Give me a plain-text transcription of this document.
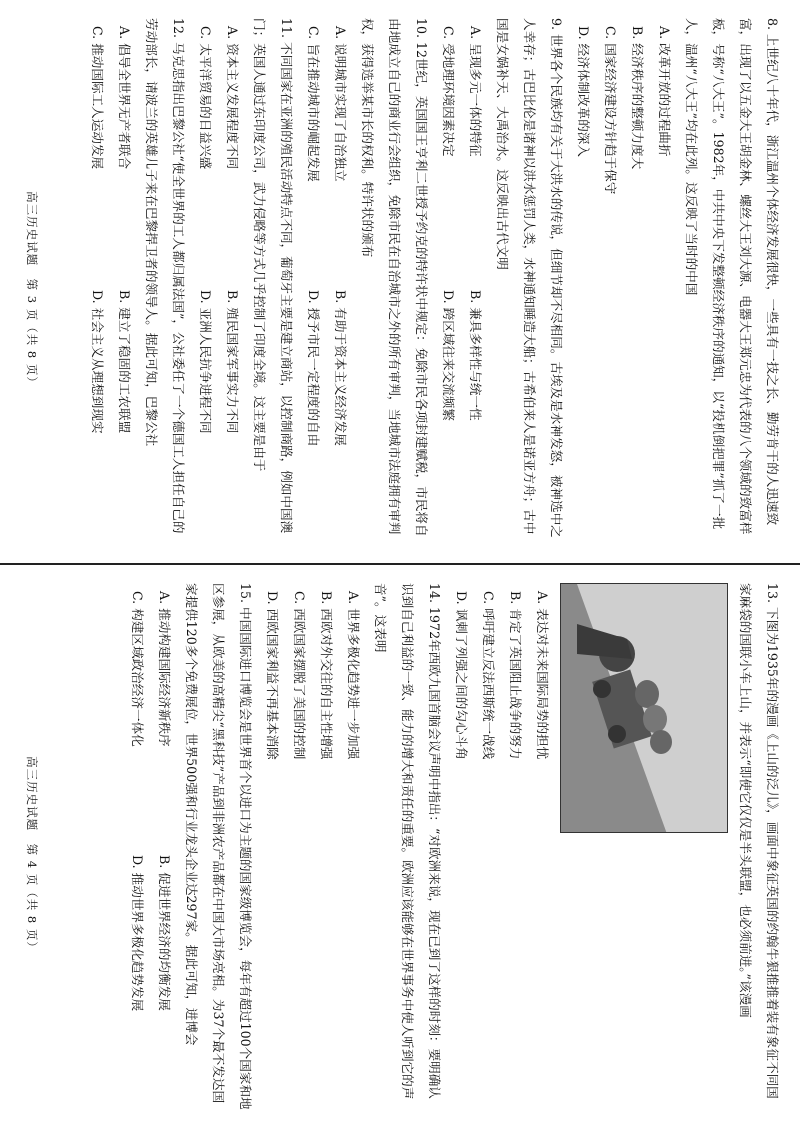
8. 上世纪八十年代，浙江温州个体经济发展很快，一些具有一技之长、勤劳肯干的人迅速致富，出现了以五金大王胡金林、螺丝大王刘大源、电器大王郑元忠为代表的八个领域的致富样板，号称“八大王”。1982年，中共中央下发整顿经济秩序的通知，以“投机倒把罪”抓了一批人，温州“八大王”均在此列。这反映了当时的中国

A. 改革开放的过程曲折

B. 经济秩序的整顿力度大

C. 国家经济建设方针趋于保守

D. 经济体制改革的深入

9. 世界各个民族均有关于大洪水的传说，但细节却不尽相同。古埃及是水神发怒，被神选中之人幸存；古巴比伦是诸神以洪水惩罚人类，水神通知睡造大船；古希伯来人是诺亚方舟；古中国是女娲补天、大禹治水。这反映出古代文明

A. 呈现多元一体的特征

B. 兼具多样性与统一性

C. 受地理环境因素决定

D. 跨区域往来交流频繁

10. 12世纪，英国国王亨利二世授予约克的特许状中规定：免除市民各项封建赋税，市民将自由地成立自己的商业行会组织，免除市民在自治城市之外的所有审判，当地城市法庭拥有审判权，获得选举某市长的权利。特许状的颁布

A. 说明城市实现了自治独立

B. 有助于资本主义经济发展

C. 旨在推动城市的崛起发展

D. 授予市民一定程度的自由

11. 不同国家在亚洲的殖民活动特点不同，葡萄牙主要是建立商站，以控制商路，例如中国澳门；英国人通过东印度公司，武力侵略等方式几乎控制了印度全境。这主要是由于

A. 资本主义发展程度不同

B. 殖民国家军事实力不同

C. 太平洋贸易的日益兴盛

D. 亚洲人民抗争进程不同

12. 马克思指出巴黎公社“使全世界的工人都归属法国”，公社委任了一个德国工人担任自己的劳动部长，请波兰的英雄儿子来在巴黎捍卫者的领导人。据此可知，巴黎公社

A. 倡导全世界无产者联合

B. 建立了稳固的工农联盟

C. 推动国际工人运动发展

D. 社会主义从理想到现实

13. 下图为1935年的漫画《上山的泛儿》，画面中象征英国的约翰牛狠推推着装有象征不同国家麻袋的国联小车上山，并表示“即使它仅仅是半头联盟，也必须前进。”该漫画

A. 表达对未来国际局势的担忧

B. 肯定了英国阻止战争的努力

C. 呼吁建立反法西斯统一战线

D. 讽刺了列强之间的勾心斗角

14. 1972年西欧九国首脑会议声明中指出：“对欧洲来说，现在已到了这样的时刻：要明确认识到自己利益的一致、能力的增大和责任的重要。欧洲应该能够在世界事务中使人听到它的声音”。这表明

A. 世界多极化趋势进一步加强

B. 西欧对外交往的自主性增强

C. 西欧国家摆脱了美国的控制

D. 西欧国家利益不再基本消除

15. 中国国际进口博览会是世界首个以进口为主题的国家级博览会，每年有超过100个国家和地区参展，从欧美的高精尖“黑科技”产品到非洲农产品都在中国大市场亮相。为37个最不发达国家提供120多个免费展位，世界500强和行业龙头企业达297家。据此可知，进博会

A. 推动构建国际经济新秩序

B. 促进世界经济的均衡发展

C. 构建区域政治经济一体化

D. 推动世界多极化趋势发展

高三历史试题　第 3 页（共 8 页）
高三历史试题　第 4 页（共 8 页）
